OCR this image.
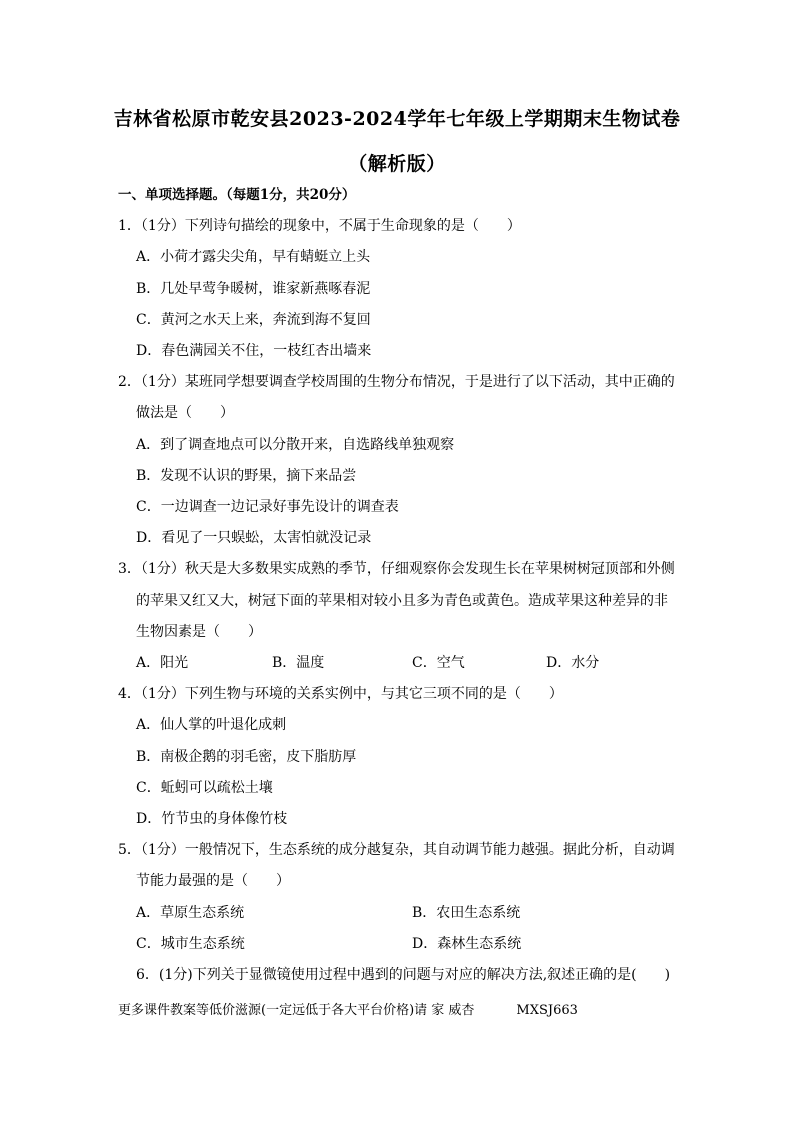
吉林省松原市乾安县2023-2024学年七年级上学期期末生物试卷
（解析版）
一、单项选择题。（每题1分，共20分）
1．（1分）下列诗句描绘的现象中，不属于生命现象的是（　　）
A．小荷才露尖尖角，早有蜻蜓立上头
B．几处早莺争暖树，谁家新燕啄春泥
C．黄河之水天上来，奔流到海不复回
D．春色满园关不住，一枝红杏出墙来
2．（1分）某班同学想要调查学校周围的生物分布情况，于是进行了以下活动，其中正确的
做法是（　　）
A．到了调查地点可以分散开来，自选路线单独观察
B．发现不认识的野果，摘下来品尝
C．一边调查一边记录好事先设计的调查表
D．看见了一只蜈蚣，太害怕就没记录
3．（1分）秋天是大多数果实成熟的季节，仔细观察你会发现生长在苹果树树冠顶部和外侧
的苹果又红又大，树冠下面的苹果相对较小且多为青色或黄色。造成苹果这种差异的非
生物因素是（　　）
A．阳光	B．温度	C．空气	D．水分
4．（1分）下列生物与环境的关系实例中，与其它三项不同的是（　　）
A．仙人掌的叶退化成刺
B．南极企鹅的羽毛密，皮下脂肪厚
C．蚯蚓可以疏松土壤
D．竹节虫的身体像竹枝
5．（1分）一般情况下，生态系统的成分越复杂，其自动调节能力越强。据此分析，自动调
节能力最强的是（　　）
A．草原生态系统	B．农田生态系统
C．城市生态系统	D．森林生态系统
6．(1分)下列关于显微镜使用过程中遇到的问题与对应的解决方法,叙述正确的是(　　)
更多课件教案等低价滋源(一定远低于各大平台价格)请 家 威杏	MXSJ663
